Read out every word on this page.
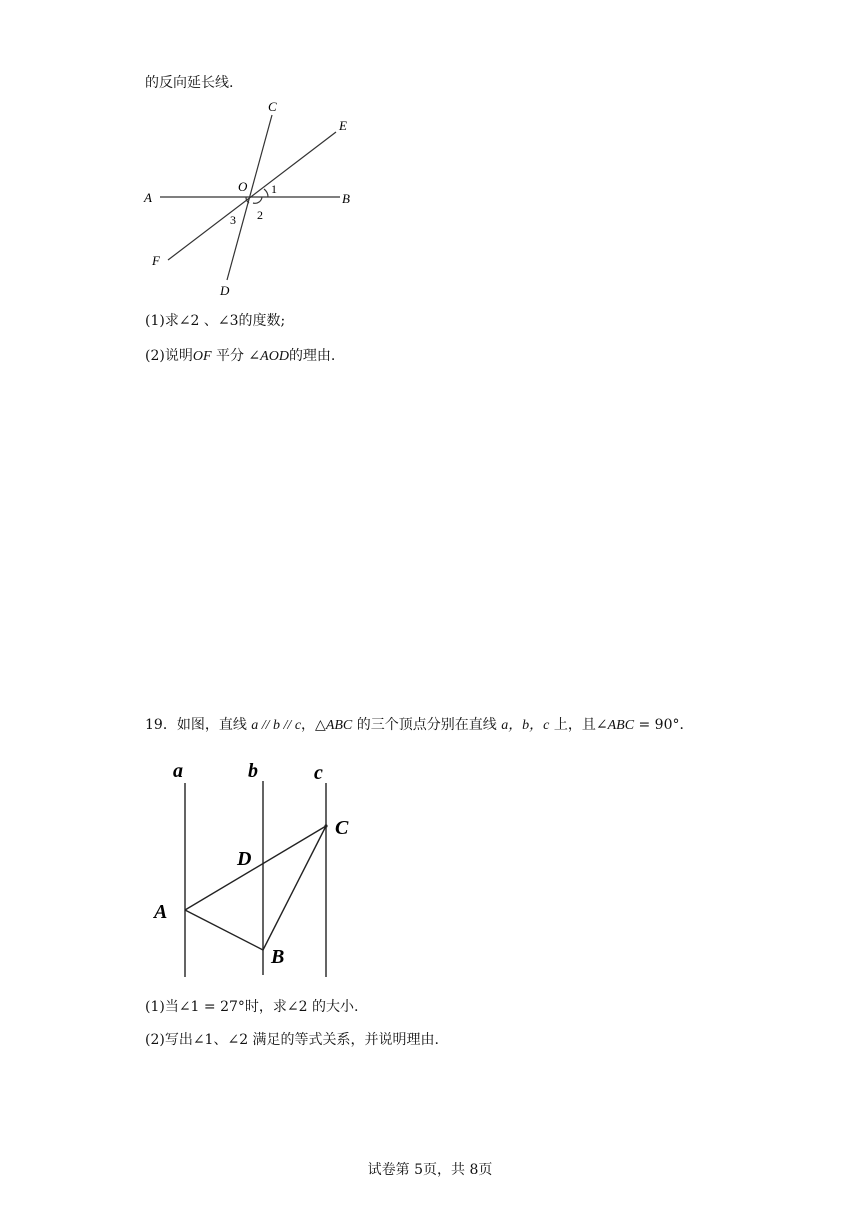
的反向延长线.
A	B
C
D
E
F
O 1
2
3
(1)求∠2 、∠3的度数;
(2)说明OF 平分 ∠AOD的理由.
19．如图，直线 a // b // c，△ABC 的三个顶点分别在直线 a，b，c 上，且∠ABC = 90°．
a	b	c
A
B
C
D
(1)当∠1 = 27°时，求∠2 的大小.
(2)写出∠1、∠2 满足的等式关系，并说明理由.
试卷第 5页，共 8页
